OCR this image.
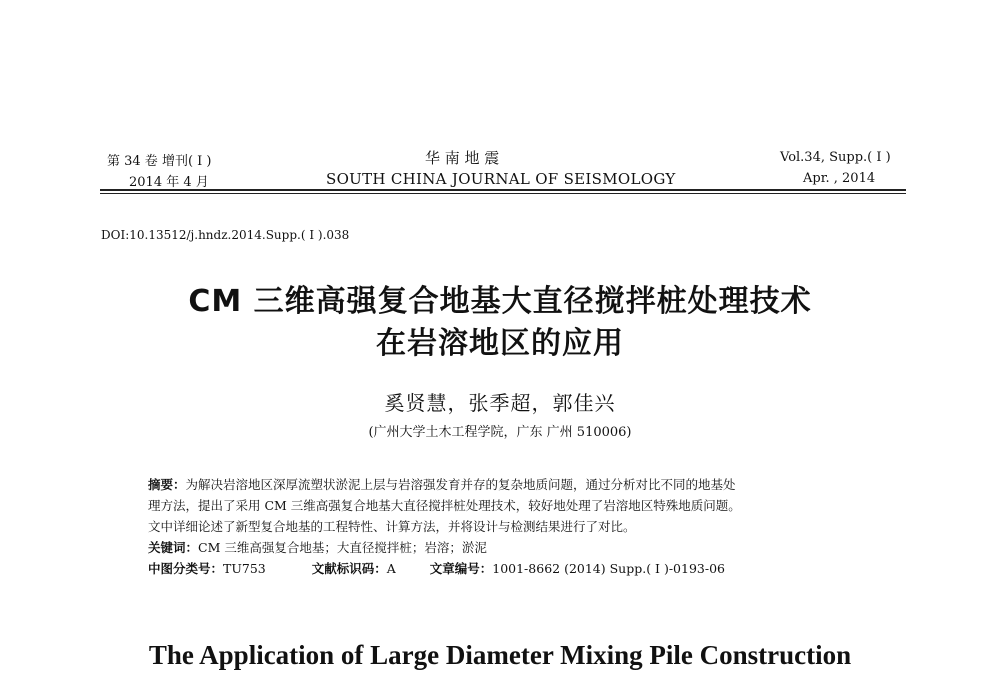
第 34 卷 增刊( Ⅰ )
2014 年 4 月
华 南 地 震
SOUTH CHINA JOURNAL OF SEISMOLOGY
Vol.34, Supp.( Ⅰ )
Apr. , 2014
DOI:10.13512/j.hndz.2014.Supp.( Ⅰ ).038
CM 三维高强复合地基大直径搅拌桩处理技术
在岩溶地区的应用
奚贤慧，张季超，郭佳兴
(广州大学土木工程学院，广东 广州 510006)
摘要：为解决岩溶地区深厚流塑状淤泥上层与岩溶强发育并存的复杂地质问题，通过分析对比不同的地基处
理方法，提出了采用 CM 三维高强复合地基大直径搅拌桩处理技术，较好地处理了岩溶地区特殊地质问题。
文中详细论述了新型复合地基的工程特性、计算方法，并将设计与检测结果进行了对比。
关键词：CM 三维高强复合地基；大直径搅拌桩；岩溶；淤泥
中图分类号：TU753	文献标识码：A	文章编号：1001-8662 (2014) Supp.( Ⅰ )-0193-06
The Application of Large Diameter Mixing Pile Construction
